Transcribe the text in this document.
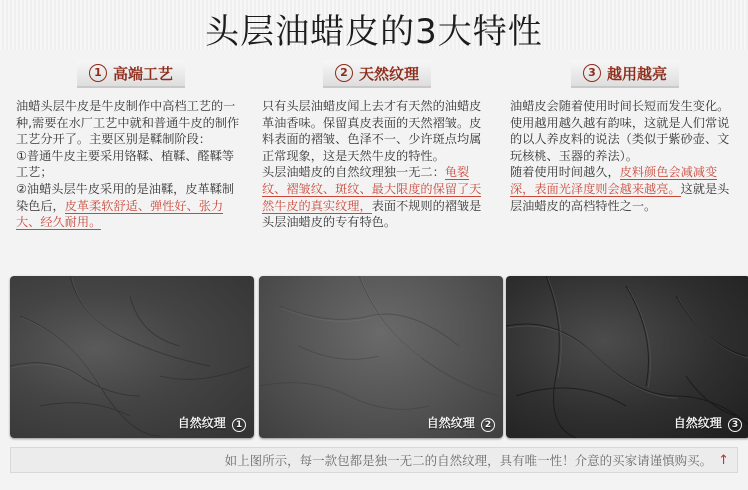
头层油蜡皮的3大特性
1 高端工艺

油蜡头层牛皮是牛皮制作中高档工艺的一种,需要在水厂工艺中就和普通牛皮的制作工艺分开了。主要区别是鞣制阶段：

①普通牛皮主要采用铬鞣、植鞣、醛鞣等工艺；

②油蜡头层牛皮采用的是油鞣，皮革鞣制染色后，皮革柔软舒适、弹性好、张力大、经久耐用。

2 天然纹理

只有头层油蜡皮闻上去才有天然的油蜡皮革油香味。保留真皮表面的天然褶皱。皮料表面的褶皱、色泽不一、少许斑点均属正常现象，这是天然牛皮的特性。

头层油蜡皮的自然纹理独一无二：龟裂纹、褶皱纹、斑纹、最大限度的保留了天然牛皮的真实纹理，表面不规则的褶皱是头层油蜡皮的专有特色。

3 越用越亮

油蜡皮会随着使用时间长短而发生变化。使用越用越久越有韵味，这就是人们常说的以人养皮料的说法（类似于紫砂壶、文玩核桃、玉器的养法）。

随着使用时间越久，皮料颜色会减减变深，表面光泽度则会越来越亮。这就是头层油蜡皮的高档特性之一。

自然纹理 1	自然纹理 2	自然纹理 3
如上图所示，每一款包都是独一无二的自然纹理，具有唯一性！介意的买家请谨慎购买。 ↑
